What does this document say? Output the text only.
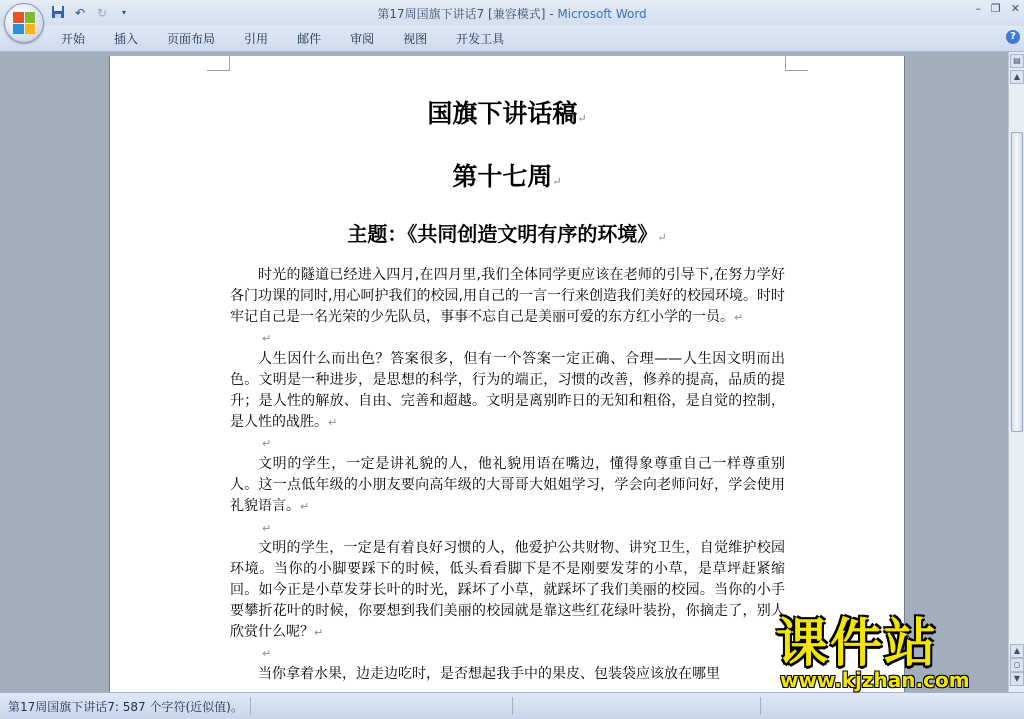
↶ ↻	▾	第17周国旗下讲话7 [兼容模式] - Microsoft Word	– ❐ ✕
开始	插入	页面布局	引用	邮件	审阅	视图	开发工具	?
国旗下讲话稿↵
第十七周↵
主题：《共同创造文明有序的环境》↵

时光的隧道已经进入四月,在四月里,我们全体同学更应该在老师的引导下,在努力学好各门功课的同时,用心呵护我们的校园,用自己的一言一行来创造我们美好的校园环境。时时牢记自己是一名光荣的少先队员，事事不忘自己是美丽可爱的东方红小学的一员。↵

↵

人生因什么而出色？答案很多，但有一个答案一定正确、合理——人生因文明而出色。文明是一种进步，是思想的科学，行为的端正，习惯的改善，修养的提高，品质的提升；是人性的解放、自由、完善和超越。文明是离别昨日的无知和粗俗，是自觉的控制，是人性的战胜。↵

↵

文明的学生，一定是讲礼貌的人，他礼貌用语在嘴边，懂得象尊重自己一样尊重别人。这一点低年级的小朋友要向高年级的大哥哥大姐姐学习，学会向老师问好，学会使用礼貌语言。↵

↵

文明的学生，一定是有着良好习惯的人，他爱护公共财物、讲究卫生，自觉维护校园环境。当你的小脚要踩下的时候，低头看看脚下是不是刚要发芽的小草，是草坪赶紧缩回。如今正是小草发芽长叶的时光，踩坏了小草，就踩坏了我们美丽的校园。当你的小手要攀折花叶的时候，你要想到我们美丽的校园就是靠这些红花绿叶装扮，你摘走了，别人欣赏什么呢？↵

↵

当你拿着水果，边走边吃时，是否想起我手中的果皮、包装袋应该放在哪里

▤
▲
▲
○
▼
第17周国旗下讲话7: 587 个字符(近似值)。
课件站
www.kjzhan.com
